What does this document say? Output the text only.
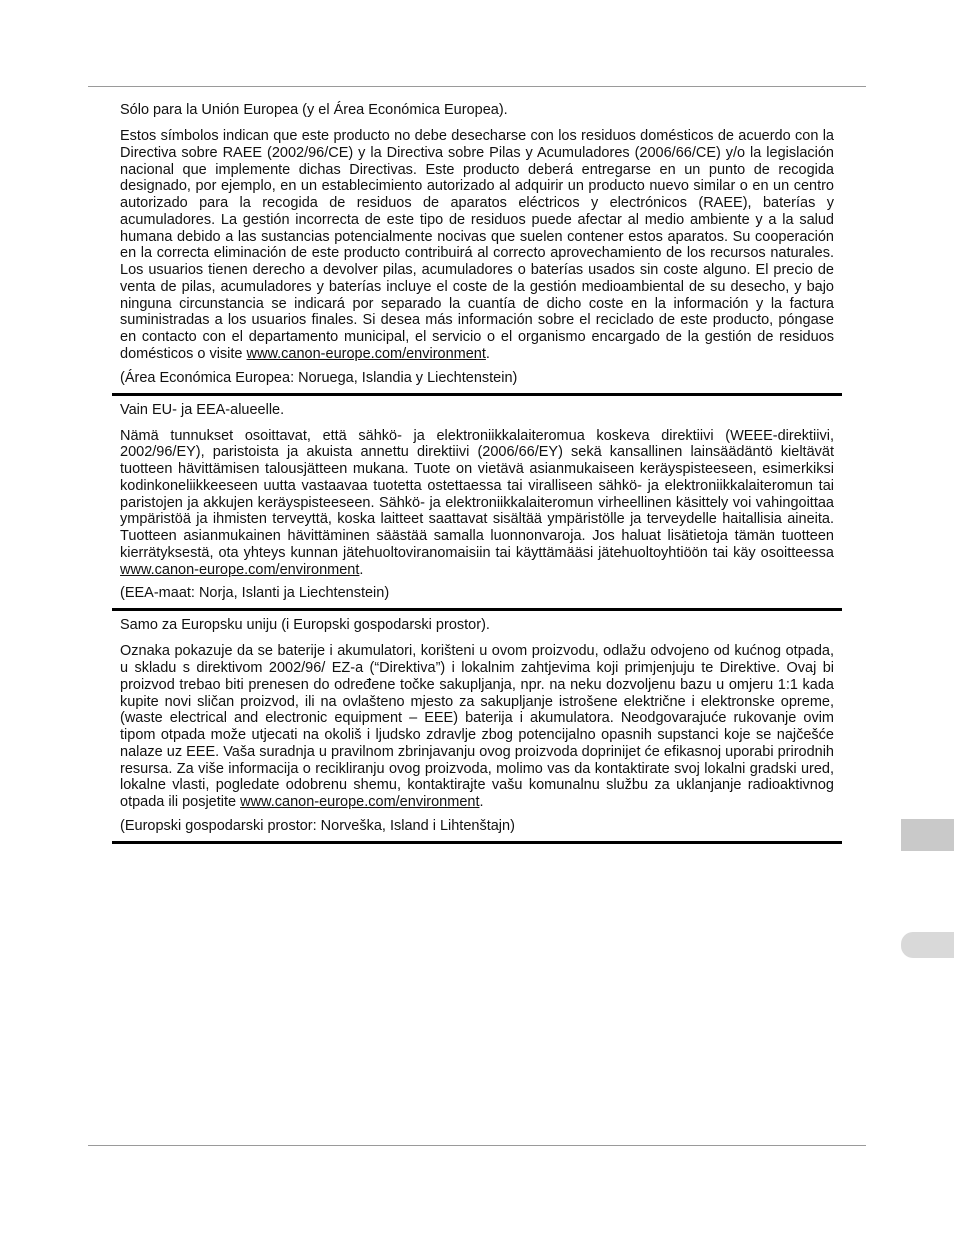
Sólo para la Unión Europea (y el Área Económica Europea).

Estos símbolos indican que este producto no debe desecharse con los residuos domésticos de acuerdo con la Directiva sobre RAEE (2002/96/CE) y la Directiva sobre Pilas y Acumuladores (2006/66/CE) y/o la legislación nacional que implemente dichas Directivas. Este producto deberá entregarse en un punto de recogida designado, por ejemplo, en un establecimiento autorizado al adquirir un producto nuevo similar o en un centro autorizado para la recogida de residuos de aparatos eléctricos y electrónicos (RAEE), baterías y acumuladores. La gestión incorrecta de este tipo de residuos puede afectar al medio ambiente y a la salud humana debido a las sustancias potencialmente nocivas que suelen contener estos aparatos. Su cooperación en la correcta eliminación de este producto contribuirá al correcto aprovechamiento de los recursos naturales. Los usuarios tienen derecho a devolver pilas, acumuladores o baterías usados sin coste alguno. El precio de venta de pilas, acumuladores y baterías incluye el coste de la gestión medioambiental de su desecho, y bajo ninguna circunstancia se indicará por separado la cuantía de dicho coste en la información y la factura suministradas a los usuarios finales. Si desea más información sobre el reciclado de este producto, póngase en contacto con el departamento municipal, el servicio o el organismo encargado de la gestión de residuos domésticos o visite www.canon-europe.com/environment.

(Área Económica Europea: Noruega, Islandia y Liechtenstein)

Vain EU- ja EEA-alueelle.

Nämä tunnukset osoittavat, että sähkö- ja elektroniikkalaiteromua koskeva direktiivi (WEEE-direktiivi, 2002/96/EY), paristoista ja akuista annettu direktiivi (2006/66/EY) sekä kansallinen lainsäädäntö kieltävät tuotteen hävittämisen talousjätteen mukana. Tuote on vietävä asianmukaiseen keräyspisteeseen, esimerkiksi kodinkoneliikkeeseen uutta vastaavaa tuotetta ostettaessa tai viralliseen sähkö- ja elektroniikkalaiteromun tai paristojen ja akkujen keräyspisteeseen. Sähkö- ja elektroniikkalaiteromun virheellinen käsittely voi vahingoittaa ympäristöä ja ihmisten terveyttä, koska laitteet saattavat sisältää ympäristölle ja terveydelle haitallisia aineita. Tuotteen asianmukainen hävittäminen säästää samalla luonnonvaroja. Jos haluat lisätietoja tämän tuotteen kierrätyksestä, ota yhteys kunnan jätehuoltoviranomaisiin tai käyttämääsi jätehuoltoyhtiöön tai käy osoitteessa www.canon-europe.com/environment.

(EEA-maat: Norja, Islanti ja Liechtenstein)

Samo za Europsku uniju (i Europski gospodarski prostor).

Oznaka pokazuje da se baterije i akumulatori, korišteni u ovom proizvodu, odlažu odvojeno od kućnog otpada, u skladu s direktivom 2002/96/ EZ-a (“Direktiva”) i lokalnim zahtjevima koji primjenjuju te Direktive. Ovaj bi proizvod trebao biti prenesen do određene točke sakupljanja, npr. na neku dozvoljenu bazu u omjeru 1:1 kada kupite novi sličan proizvod, ili na ovlašteno mjesto za sakupljanje istrošene električne i elektronske opreme, (waste electrical and electronic equipment – EEE) baterija i akumulatora. Neodgovarajuće rukovanje ovim tipom otpada može utjecati na okoliš i ljudsko zdravlje zbog potencijalno opasnih supstanci koje se najčešće nalaze uz EEE. Vaša suradnja u pravilnom zbrinjavanju ovog proizvoda doprinijet će efikasnoj uporabi prirodnih resursa. Za više informacija o recikliranju ovog proizvoda, molimo vas da kontaktirate svoj lokalni gradski ured, lokalne vlasti, pogledate odobrenu shemu, kontaktirajte vašu komunalnu službu za uklanjanje radioaktivnog otpada ili posjetite www.canon-europe.com/environment.

(Europski gospodarski prostor: Norveška, Island i Lihtenštajn)
